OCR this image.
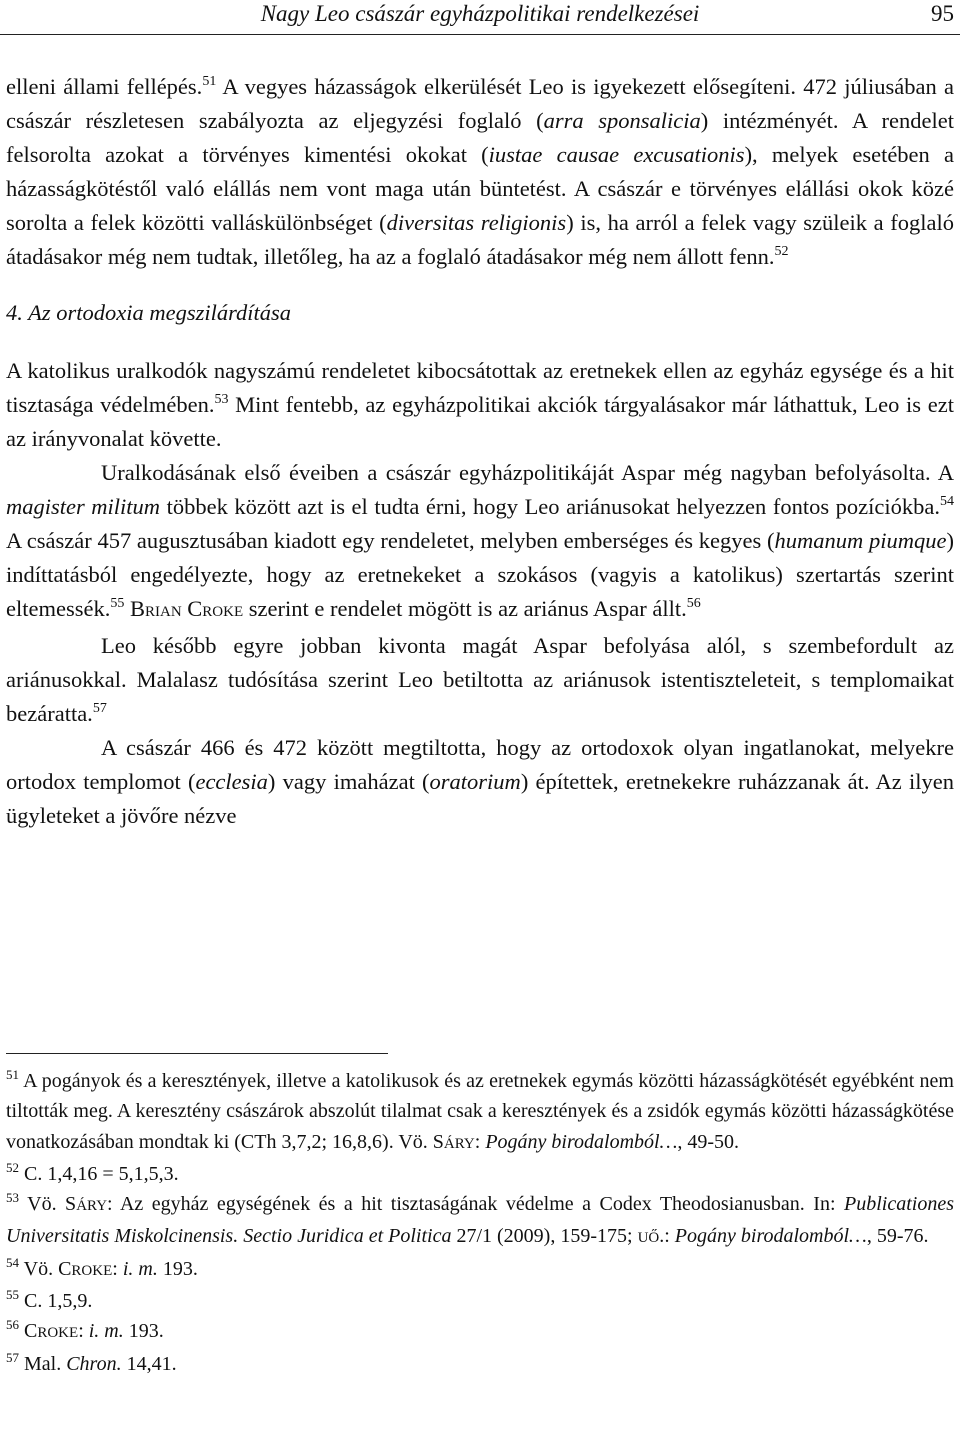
Nagy Leo császár egyházpolitikai rendelkezései	95

elleni állami fellépés.$^{51}$ A vegyes házasságok elkerülését Leo is igyekezett elősegíteni. 472 júliusában a császár részletesen szabályozta az eljegyzési foglaló (arra sponsalicia) intézményét. A rendelet felsorolta azokat a törvényes kimentési okokat (iustae causae excusationis), melyek esetében a házasságkötéstől való elállás nem vont maga után büntetést. A császár e törvényes elállási okok közé sorolta a felek közötti valláskülönbséget (diversitas religionis) is, ha arról a felek vagy szüleik a foglaló átadásakor még nem tudtak, illetőleg, ha az a foglaló átadásakor még nem állott fenn.$^{52}$

4. Az ortodoxia megszilárdítása

A katolikus uralkodók nagyszámú rendeletet kibocsátottak az eretnekek ellen az egyház egysége és a hit tisztasága védelmében.$^{53}$ Mint fentebb, az egyházpolitikai akciók tárgyalásakor már láthattuk, Leo is ezt az irányvonalat követte.

Uralkodásának első éveiben a császár egyházpolitikáját Aspar még nagyban befolyásolta. A magister militum többek között azt is el tudta érni, hogy Leo ariánusokat helyezzen fontos pozíciókba.$^{54}$ A császár 457 augusztusában kiadott egy rendeletet, melyben emberséges és kegyes (humanum piumque) indíttatásból engedélyezte, hogy az eretnekeket a szokásos (vagyis a katolikus) szertartás szerint eltemessék.$^{55}$ BRIAN CROKE szerint e rendelet mögött is az ariánus Aspar állt.$^{56}$

Leo később egyre jobban kivonta magát Aspar befolyása alól, s szembefordult az ariánusokkal. Malalasz tudósítása szerint Leo betiltotta az ariánusok istentiszteleteit, s templomaikat bezáratta.$^{57}$

A császár 466 és 472 között megtiltotta, hogy az ortodoxok olyan ingatlanokat, melyekre ortodox templomot (ecclesia) vagy imaházat (oratorium) építettek, eretnekekre ruházzanak át. Az ilyen ügyleteket a jövőre nézve

$^{51}$ A pogányok és a keresztények, illetve a katolikusok és az eretnekek egymás közötti házasságkötését egyébként nem tiltották meg. A keresztény császárok abszolút tilalmat csak a keresztények és a zsidók egymás közötti házasságkötése vonatkozásában mondtak ki (CTh 3,7,2; 16,8,6). Vö. SÁRY: Pogány birodalomból…, 49-50.

$^{52}$ C. 1,4,16 = 5,1,5,3.

$^{53}$ Vö. SÁRY: Az egyház egységének és a hit tisztaságának védelme a Codex Theodosianusban. In: Publicationes Universitatis Miskolcinensis. Sectio Juridica et Politica 27/1 (2009), 159-175; UŐ.: Pogány birodalomból…, 59-76.

$^{54}$ Vö. CROKE: i. m. 193.

$^{55}$ C. 1,5,9.

$^{56}$ CROKE: i. m. 193.

$^{57}$ Mal. Chron. 14,41.
